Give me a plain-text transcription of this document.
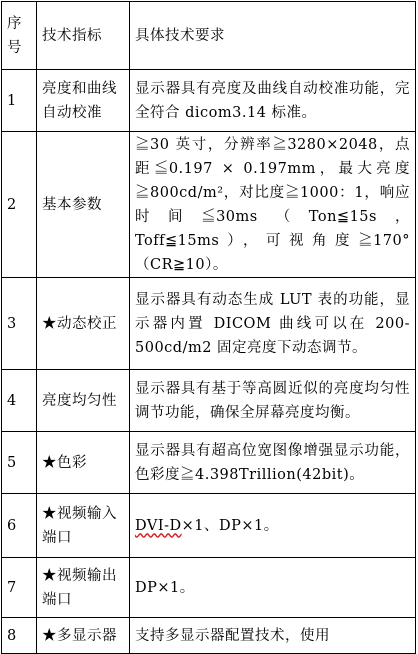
序号	技术指标	具体技术要求
1	亮度和曲线自动校准	显示器具有亮度及曲线自动校准功能，完全符合 dicom3.14 标准。
2	基本参数	≧30 英寸，分辨率≧3280×2048，点距≦0.197 × 0.197mm，最大亮度≧800cd/m²，对比度≧1000：1，响应时间≦30ms（Ton≦15s，Toff≦15ms），可视角度≧170°（CR≧10）。
3	★动态校正	显示器具有动态生成 LUT 表的功能，显示器内置 DICOM 曲线可以在 200-500cd/m2 固定亮度下动态调节。
4	亮度均匀性	显示器具有基于等高圆近似的亮度均匀性调节功能，确保全屏幕亮度均衡。
5	★色彩	显示器具有超高位宽图像增强显示功能，色彩度≧4.398Trillion(42bit)。
6	★视频输入端口	DVI-D×1、DP×1。
7	★视频输出端口	DP×1。
8	★多显示器	支持多显示器配置技术，使用
